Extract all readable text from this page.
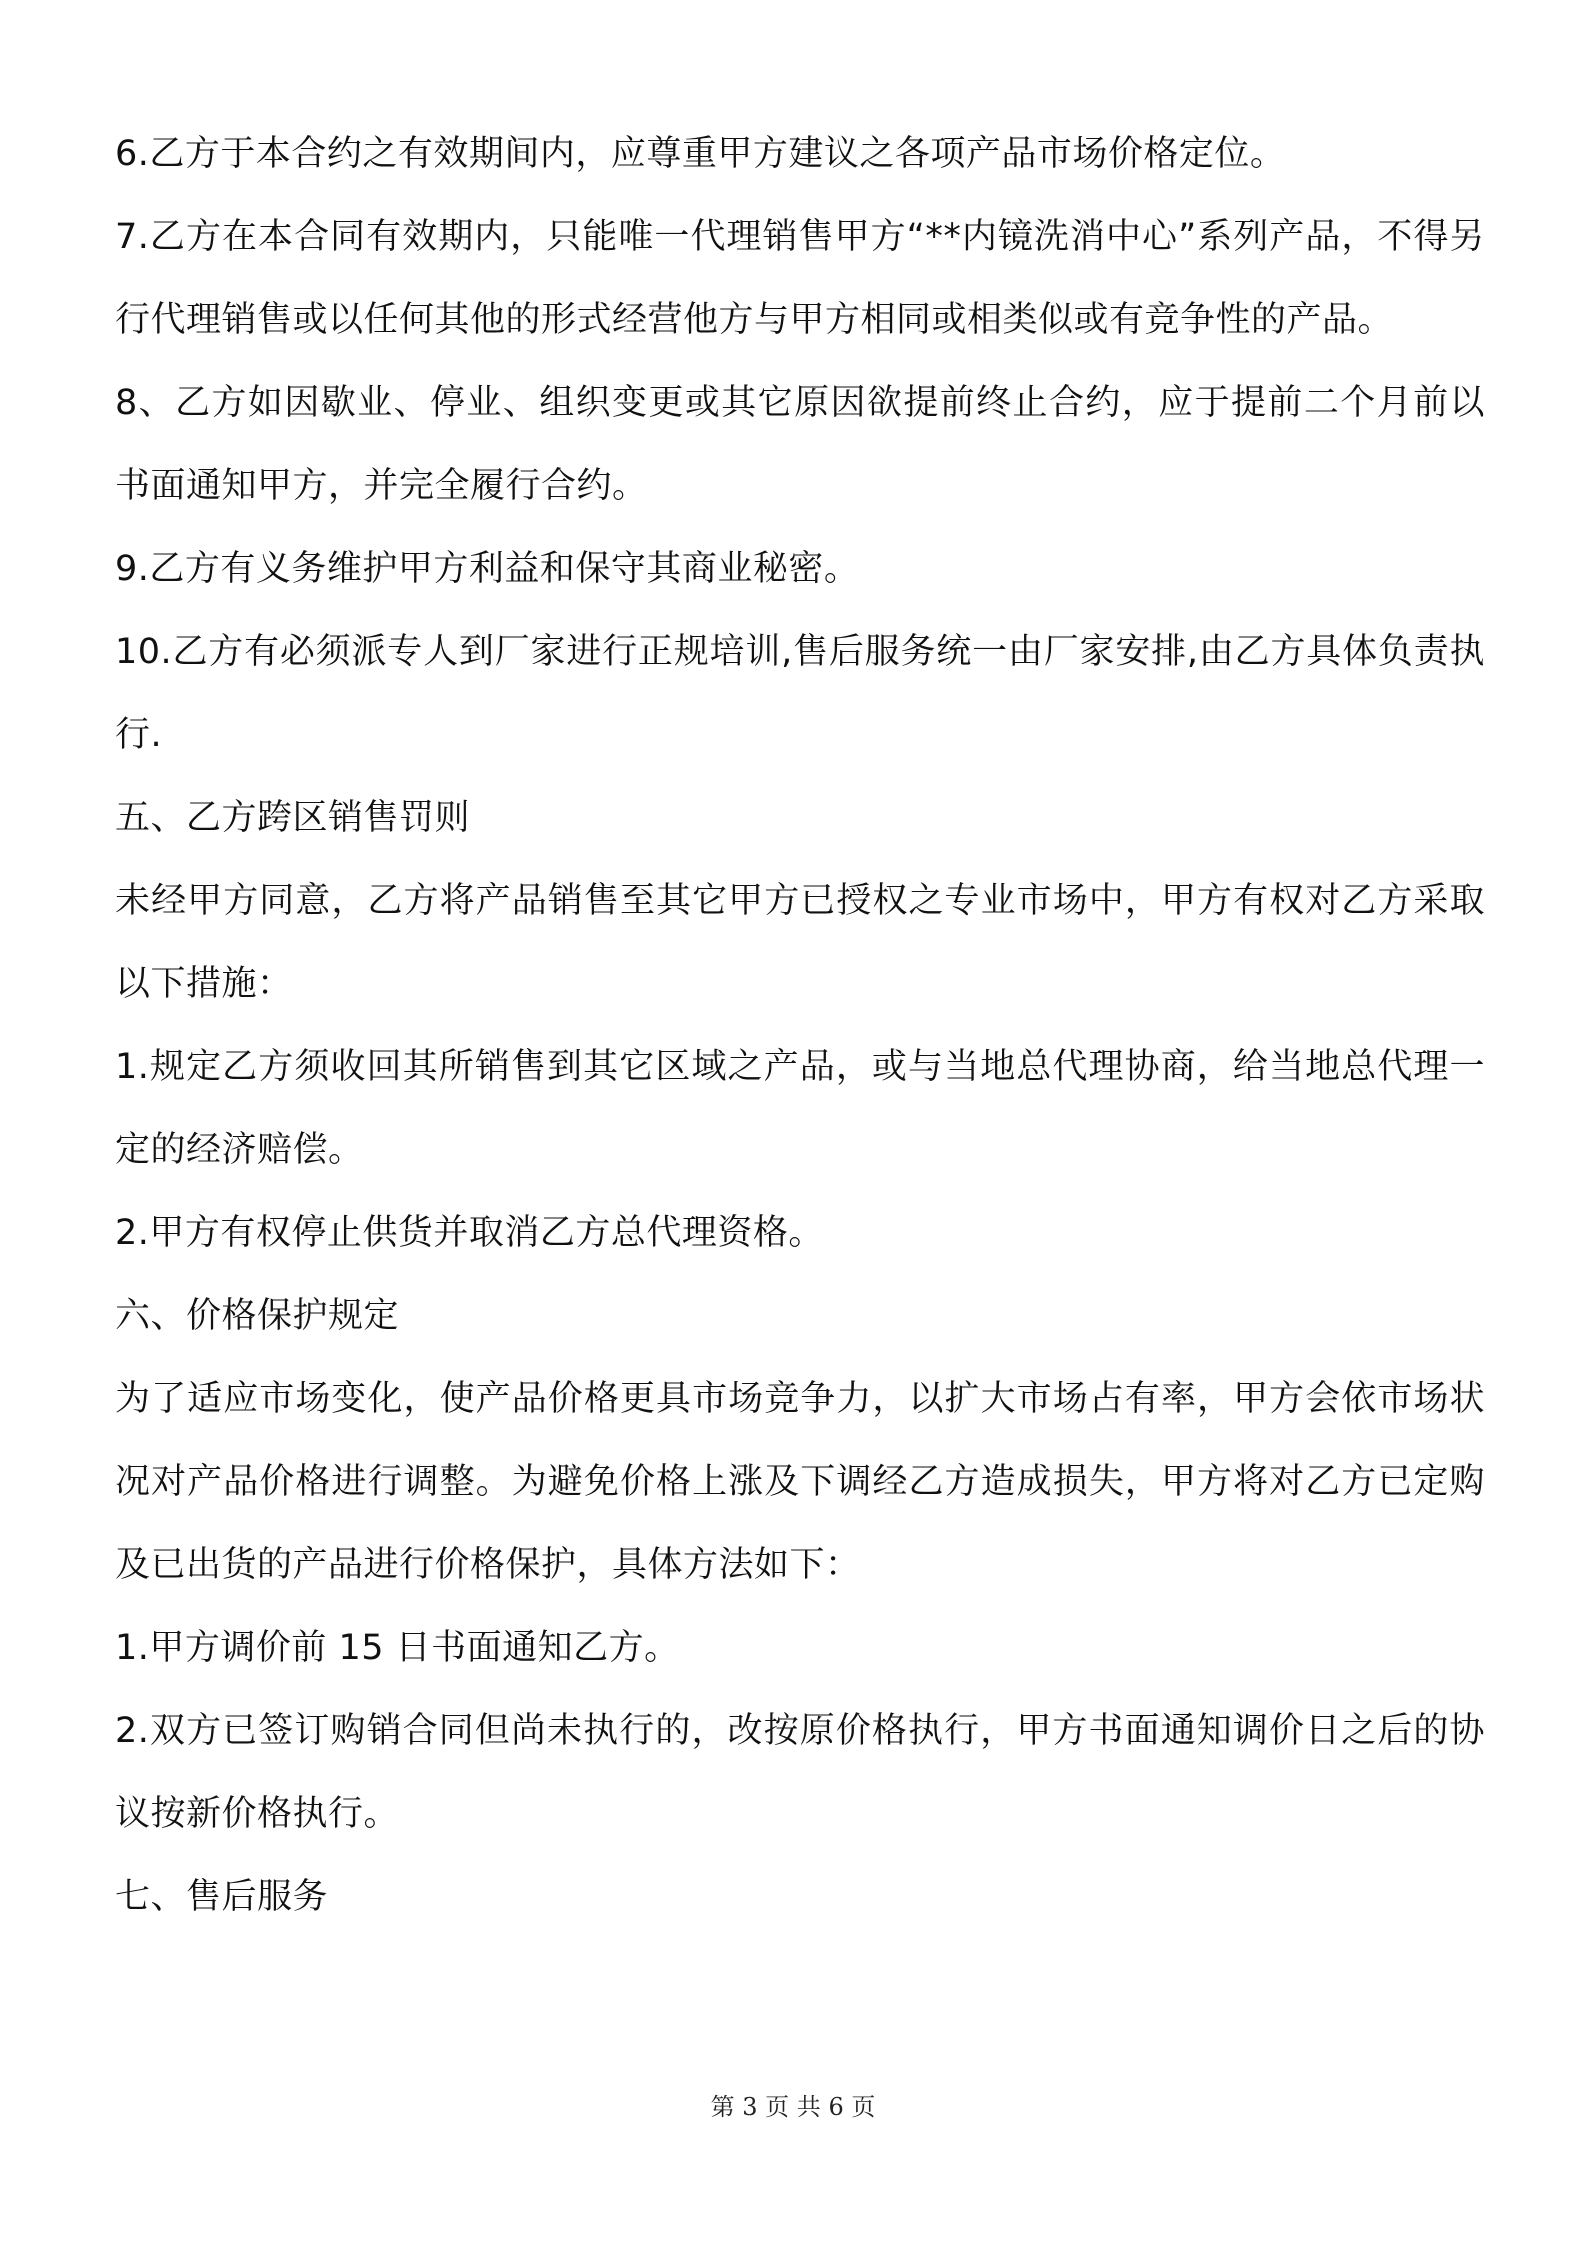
6.乙方于本合约之有效期间内，应尊重甲方建议之各项产品市场价格定位。

7.乙方在本合同有效期内，只能唯一代理销售甲方“**内镜洗消中心”系列产品，不得另行代理销售或以任何其他的形式经营他方与甲方相同或相类似或有竞争性的产品。

8、乙方如因歇业、停业、组织变更或其它原因欲提前终止合约，应于提前二个月前以书面通知甲方，并完全履行合约。

9.乙方有义务维护甲方利益和保守其商业秘密。

10.乙方有必须派专人到厂家进行正规培训,售后服务统一由厂家安排,由乙方具体负责执行.

五、乙方跨区销售罚则

未经甲方同意，乙方将产品销售至其它甲方已授权之专业市场中，甲方有权对乙方采取以下措施：

1.规定乙方须收回其所销售到其它区域之产品，或与当地总代理协商，给当地总代理一定的经济赔偿。

2.甲方有权停止供货并取消乙方总代理资格。

六、价格保护规定

为了适应市场变化，使产品价格更具市场竞争力，以扩大市场占有率，甲方会依市场状况对产品价格进行调整。为避免价格上涨及下调经乙方造成损失，甲方将对乙方已定购及已出货的产品进行价格保护，具体方法如下：

1.甲方调价前 15 日书面通知乙方。

2.双方已签订购销合同但尚未执行的，改按原价格执行，甲方书面通知调价日之后的协议按新价格执行。

七、售后服务

第 3 页 共 6 页
